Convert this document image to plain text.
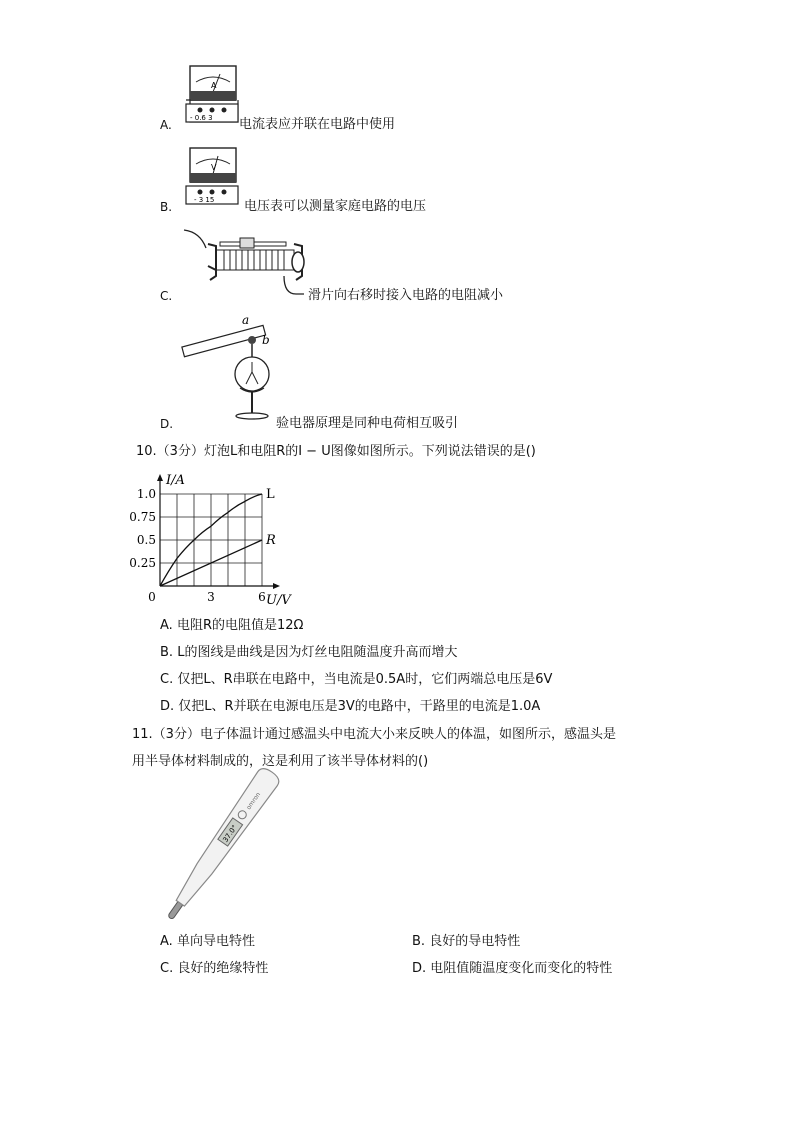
A
- 0.6 3
A.	电流表应并联在电路中使用
V
- 3 15
B.	电压表可以测量家庭电路的电压
C.	滑片向右移时接入电路的电阻减小
a
b
D.	验电器原理是同种电荷相互吸引
10.（3分）灯泡L和电阻R的I − U图像如图所示。下列说法错误的是()
I/A
U/V
0.25
0.5
0.75
1.0
0	3	6
L
R
A. 电阻R的电阻值是12Ω
B. L的图线是曲线是因为灯丝电阻随温度升高而增大
C. 仅把L、R串联在电路中，当电流是0.5A时，它们两端总电压是6V
D. 仅把L、R并联在电源电压是3V的电路中，干路里的电流是1.0A
11.（3分）电子体温计通过感温头中电流大小来反映人的体温，如图所示，感温头是
用半导体材料制成的，这是利用了该半导体材料的()
37.0°
omron
A. 单向导电特性	B. 良好的导电特性
C. 良好的绝缘特性	D. 电阻值随温度变化而变化的特性
